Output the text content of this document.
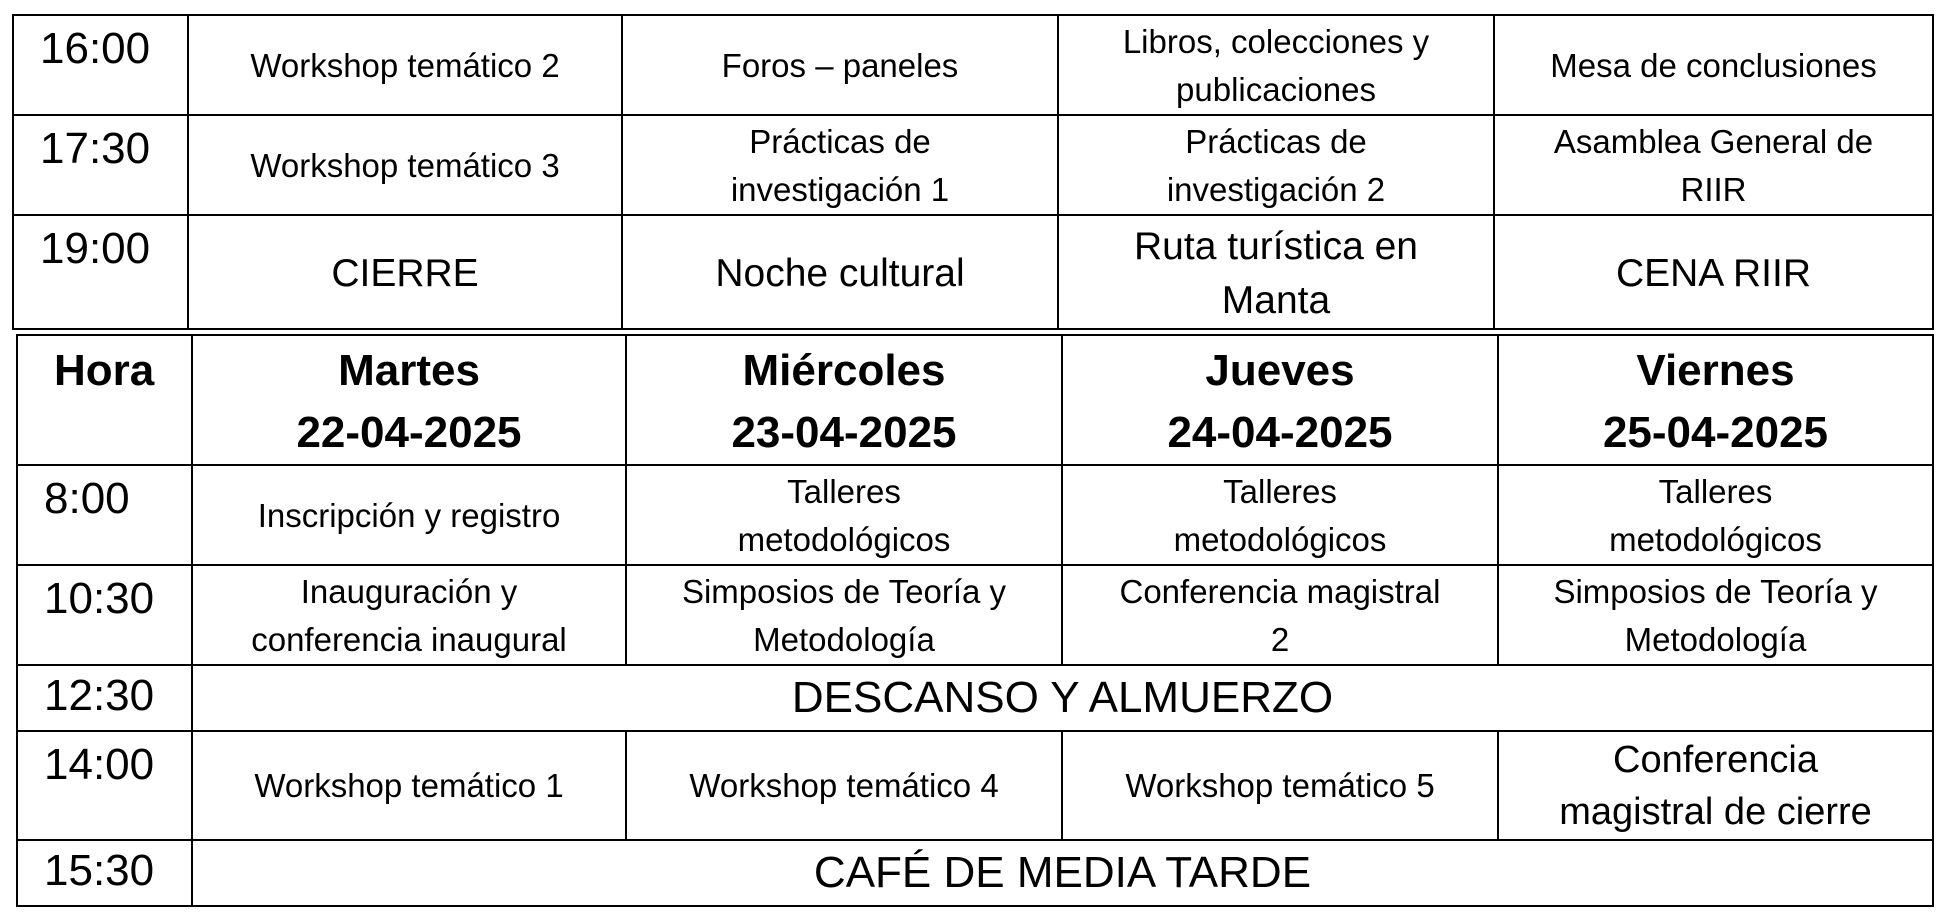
16:00	Workshop temático 2	Foros – paneles	Libros, colecciones y
publicaciones	Mesa de conclusiones

17:30	Workshop temático 3	Prácticas de
investigación 1	Prácticas de
investigación 2	Asamblea General de
RIIR

19:00	CIERRE	Noche cultural	Ruta turística en
Manta	CENA RIIR
Hora	Martes
22-04-2025	Miércoles
23-04-2025	Jueves
24-04-2025	Viernes
25-04-2025

8:00	Inscripción y registro	Talleres
metodológicos	Talleres
metodológicos	Talleres
metodológicos

10:30	Inauguración y
conferencia inaugural	Simposios de Teoría y
Metodología	Conferencia magistral
2	Simposios de Teoría y
Metodología

12:30	DESCANSO Y ALMUERZO			
14:00	Workshop temático 1	Workshop temático 4	Workshop temático 5	Conferencia
magistral de cierre

15:30	CAFÉ DE MEDIA TARDE			
